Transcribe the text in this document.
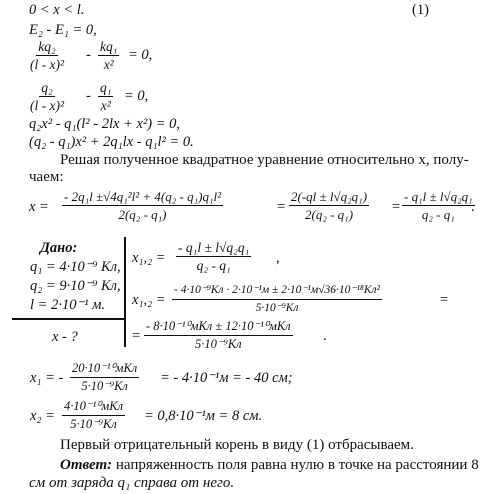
0 < x < l.	(1)
E₂ - E₁ = 0,
$\frac{\text{kq₂}}{\text{(l - x)²}} - \frac{\text{kq₁}}{\text{x²}} = 0$,
$\frac{\text{q₂}}{\text{(l - x)²}} - \frac{\text{q₁}}{\text{x²}} = 0$,
q₂x² - q₁(l² - 2lx + x²) = 0,
(q₂ - q₁)x² + 2q₁lx - q₁l² = 0.
Решая полученное квадратное уравнение относительно x, полу-
чаем:
$x = \frac{\text{- 2q₁l ±√4q₁²l² + 4(q₂ - q₁)q₁l²}}{\text{2(q₂ - q₁)}}$	= $\frac{\text{2(-ql ± l√q₂q₁)}}{\text{2(q₂ - q₁)}} = \frac{\text{- q₁l ± l√q₂q₁}}{\text{q₂ - q₁}}$
.
Дано:
q₁ = 4·10⁻⁹ Кл,
q₂ = 9·10⁻⁹ Кл,
l = 2·10⁻¹ м.
x - ?
$x_1,_2 = \frac{\text{- q₁l ± l√q₂q₁}}{\text{q₂ - q₁}}$ ,
x₁,₂ =
- 4·10⁻⁹Кл · 2·10⁻¹м ± 2·10⁻¹м√36·10⁻¹⁸Кл²
5·10⁻⁹Кл	=
=
- 8·10⁻¹⁰мКл ± 12·10⁻¹⁰мКл
5·10⁻⁹Кл	.
x₁ = -
20·10⁻¹⁰мКл
5·10⁻⁹Кл = - 4·10⁻¹м = - 40 см;
x₂ =
4·10⁻¹⁰мКл
5·10⁻⁹Кл = 0,8·10⁻¹м = 8 см.
Первый отрицательный корень в виду (1) отбрасываем.
Ответ: напряженность поля равна нулю в точке на расстоянии 8
см от заряда q₁ справа от него.
